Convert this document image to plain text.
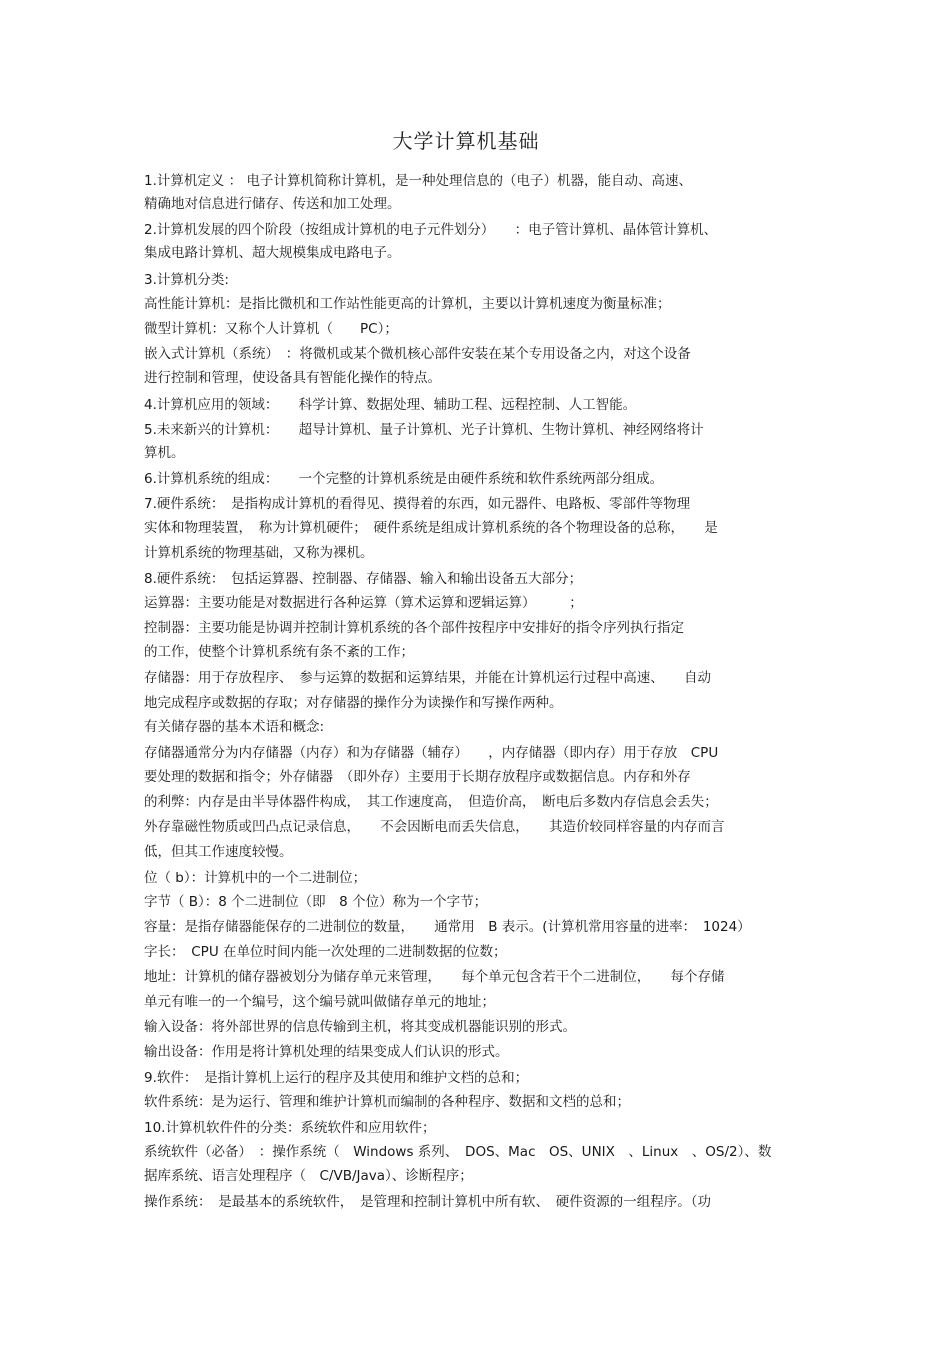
大学计算机基础

1.计算机定义 ： 电子计算机简称计算机，是一种处理信息的（电子）机器，能自动、高速、

精确地对信息进行储存、传送和加工处理。

2.计算机发展的四个阶段（按组成计算机的电子元件划分）　　：电子管计算机、晶体管计算机、

集成电路计算机、超大规模集成电路电子。

3.计算机分类:

高性能计算机：是指比微机和工作站性能更高的计算机，主要以计算机速度为衡量标准；

微型计算机：又称个人计算机（　　PC）；

嵌入式计算机（系统）　：将微机或某个微机核心部件安装在某个专用设备之内，对这个设备

进行控制和管理，使设备具有智能化操作的特点。

4.计算机应用的领域：　　科学计算、数据处理、辅助工程、远程控制、人工智能。

5.未来新兴的计算机：　　超导计算机、量子计算机、光子计算机、生物计算机、神经网络将计

算机。

6.计算机系统的组成：　　一个完整的计算机系统是由硬件系统和软件系统两部分组成。

7.硬件系统：　是指构成计算机的看得见、摸得着的东西，如元器件、电路板、零部件等物理

实体和物理装置，　称为计算机硬件；　硬件系统是组成计算机系统的各个物理设备的总称，　　是

计算机系统的物理基础，又称为裸机。

8.硬件系统：　包括运算器、控制器、存储器、输入和输出设备五大部分；

运算器：主要功能是对数据进行各种运算（算术运算和逻辑运算）　　　；

控制器：主要功能是协调并控制计算机系统的各个部件按程序中安排好的指令序列执行指定

的工作，使整个计算机系统有条不紊的工作；

存储器：用于存放程序、　参与运算的数据和运算结果，并能在计算机运行过程中高速、　　自动

地完成程序或数据的存取；对存储器的操作分为读操作和写操作两种。

有关储存器的基本术语和概念:

存储器通常分为内存储器（内存）和为存储器（辅存）　　，内存储器（即内存）用于存放　CPU

要处理的数据和指令；外存储器　（即外存）主要用于长期存放程序或数据信息。内存和外存

的利弊：内存是由半导体器件构成，　其工作速度高，　但造价高，　断电后多数内存信息会丢失；

外存靠磁性物质或凹凸点记录信息，　　不会因断电而丢失信息，　　其造价较同样容量的内存而言

低，但其工作速度较慢。

位（ b）：计算机中的一个二进制位；

字节（ B）：8 个二进制位（即　8 个位）称为一个字节；

容量：是指存储器能保存的二进制位的数量，　　通常用　B 表示。(计算机常用容量的进率：　1024）

字长：　CPU 在单位时间内能一次处理的二进制数据的位数；

地址：计算机的储存器被划分为储存单元来管理，　　每个单元包含若干个二进制位，　　每个存储

单元有唯一的一个编号，这个编号就叫做储存单元的地址；

输入设备：将外部世界的信息传输到主机，将其变成机器能识别的形式。

输出设备：作用是将计算机处理的结果变成人们认识的形式。

9.软件：　是指计算机上运行的程序及其使用和维护文档的总和；

软件系统：是为运行、管理和维护计算机而编制的各种程序、数据和文档的总和；

10.计算机软件件的分类：系统软件和应用软件；

系统软件（必备）　：操作系统（　Windows 系列、　DOS、Mac　OS、UNIX　、Linux　、OS/2）、数

据库系统、语言处理程序（　C/VB/Java）、诊断程序；

操作系统：　是最基本的系统软件，　是管理和控制计算机中所有软、　硬件资源的一组程序。（功
